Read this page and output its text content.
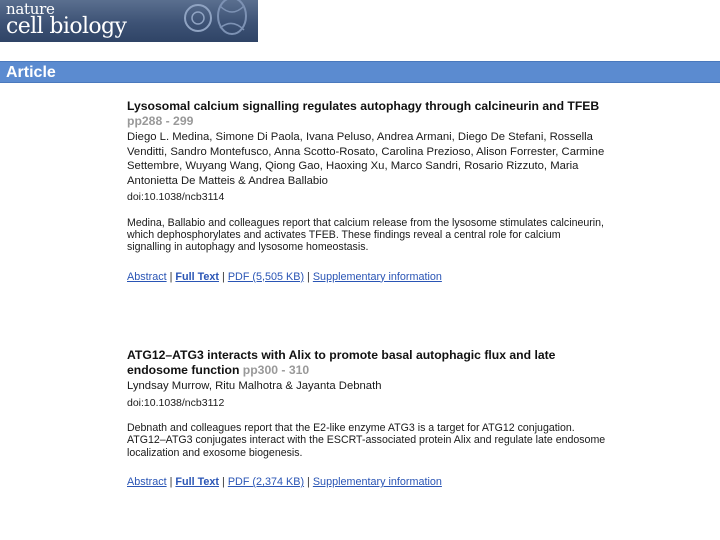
nature
cell biology
Article
Lysosomal calcium signalling regulates autophagy through calcineurin and TFEB pp288 - 299
Diego L. Medina, Simone Di Paola, Ivana Peluso, Andrea Armani, Diego De Stefani, Rossella Venditti, Sandro Montefusco, Anna Scotto-Rosato, Carolina Prezioso, Alison Forrester, Carmine Settembre, Wuyang Wang, Qiong Gao, Haoxing Xu, Marco Sandri, Rosario Rizzuto, Maria Antonietta De Matteis & Andrea Ballabio
doi:10.1038/ncb3114
Medina, Ballabio and colleagues report that calcium release from the lysosome stimulates calcineurin, which dephosphorylates and activates TFEB. These findings reveal a central role for calcium signalling in autophagy and lysosome homeostasis.
Abstract | Full Text | PDF (5,505 KB) | Supplementary information
ATG12–ATG3 interacts with Alix to promote basal autophagic flux and late endosome function pp300 - 310
Lyndsay Murrow, Ritu Malhotra & Jayanta Debnath
doi:10.1038/ncb3112
Debnath and colleagues report that the E2-like enzyme ATG3 is a target for ATG12 conjugation. ATG12–ATG3 conjugates interact with the ESCRT-associated protein Alix and regulate late endosome localization and exosome biogenesis.
Abstract | Full Text | PDF (2,374 KB) | Supplementary information
